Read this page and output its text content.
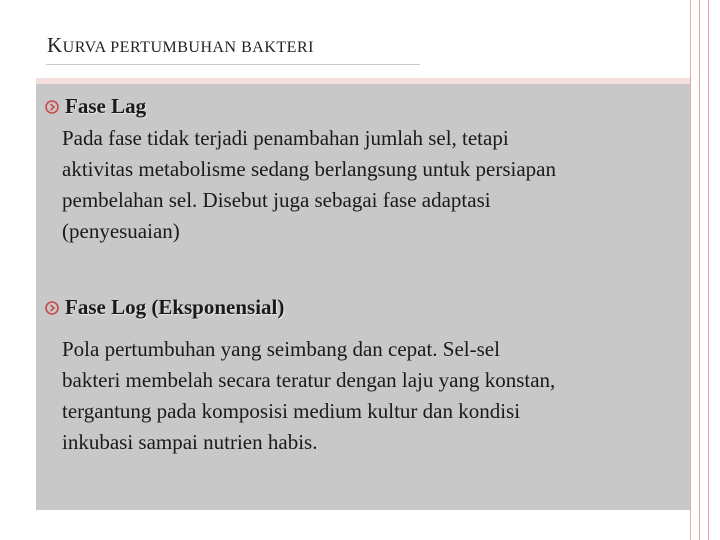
KURVA PERTUMBUHAN BAKTERI
Fase Lag
Pada fase tidak terjadi penambahan jumlah sel, tetapi
aktivitas metabolisme sedang berlangsung untuk persiapan
pembelahan sel. Disebut juga sebagai fase adaptasi
(penyesuaian)
Fase Log (Eksponensial)
Pola pertumbuhan yang seimbang dan cepat. Sel-sel
bakteri membelah secara teratur dengan laju yang konstan,
tergantung pada komposisi medium kultur dan kondisi
inkubasi sampai nutrien habis.
